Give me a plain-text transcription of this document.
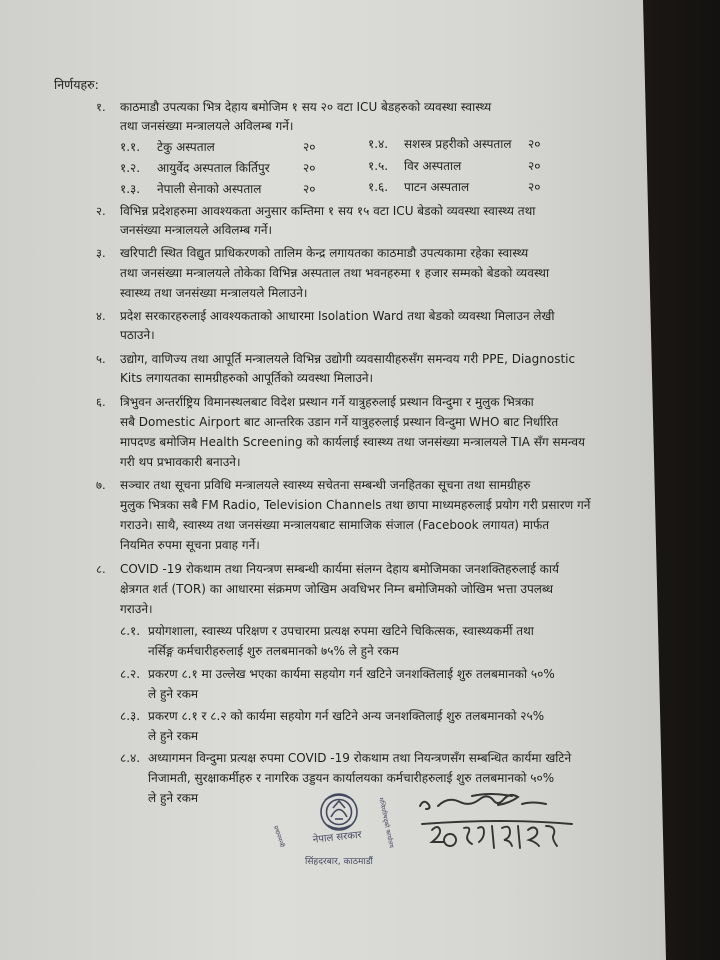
निर्णयहरु:
१. काठमाडौ उपत्यका भित्र देहाय बमोजिम १ सय २० वटा ICU बेडहरुको व्यवस्था स्वास्थ्य
तथा जनसंख्या मन्त्रालयले अविलम्ब गर्ने।
१.१. टेकु अस्पताल	२०
१.२. आयुर्वेद अस्पताल किर्तिपुर	२०
१.३. नेपाली सेनाको अस्पताल	२०
१.४. सशस्त्र प्रहरीको अस्पताल २०
१.५. विर अस्पताल	२०
१.६. पाटन अस्पताल	२०
२. विभिन्न प्रदेशहरुमा आवश्यकता अनुसार कम्तिमा १ सय १५ वटा ICU बेडको व्यवस्था स्वास्थ्य तथा
जनसंख्या मन्त्रालयले अविलम्ब गर्ने।
३. खरिपाटी स्थित विद्युत प्राधिकरणको तालिम केन्द्र लगायतका काठमाडौ उपत्यकामा रहेका स्वास्थ्य
तथा जनसंख्या मन्त्रालयले तोकेका विभिन्न अस्पताल तथा भवनहरुमा १ हजार सम्मको बेडको व्यवस्था
स्वास्थ्य तथा जनसंख्या मन्त्रालयले मिलाउने।
४. प्रदेश सरकारहरुलाई आवश्यकताको आधारमा Isolation Ward तथा बेडको व्यवस्था मिलाउन लेखी
पठाउने।
५. उद्योग, वाणिज्य तथा आपूर्ति मन्त्रालयले विभिन्न उद्योगी व्यवसायीहरुसँग समन्वय गरी PPE, Diagnostic
Kits लगायतका सामग्रीहरुको आपूर्तिको व्यवस्था मिलाउने।
६. त्रिभुवन अन्तर्राष्ट्रिय विमानस्थलबाट विदेश प्रस्थान गर्ने यात्रुहरुलाई प्रस्थान विन्दुमा र मुलुक भित्रका
सबै Domestic Airport बाट आन्तरिक उडान गर्ने यात्रुहरुलाई प्रस्थान विन्दुमा WHO बाट निर्धारित
मापदण्ड बमोजिम Health Screening को कार्यलाई स्वास्थ्य तथा जनसंख्या मन्त्रालयले TIA सँग समन्वय
गरी थप प्रभावकारी बनाउने।
७. सञ्चार तथा सूचना प्रविधि मन्त्रालयले स्वास्थ्य सचेतना सम्बन्धी जनहितका सूचना तथा सामग्रीहरु
मुलुक भित्रका सबै FM Radio, Television Channels तथा छापा माध्यमहरुलाई प्रयोग गरी प्रसारण गर्ने
गराउने। साथै, स्वास्थ्य तथा जनसंख्या मन्त्रालयबाट सामाजिक संजाल (Facebook लगायत) मार्फत
नियमित रुपमा सूचना प्रवाह गर्ने।
८. COVID -19 रोकथाम तथा नियन्त्रण सम्बन्धी कार्यमा संलग्न देहाय बमोजिमका जनशक्तिहरुलाई कार्य
क्षेत्रगत शर्त (TOR) का आधारमा संक्रमण जोखिम अवधिभर निम्न बमोजिमको जोखिम भत्ता उपलब्ध
गराउने।
८.१. प्रयोगशाला, स्वास्थ्य परिक्षण र उपचारमा प्रत्यक्ष रुपमा खटिने चिकित्सक, स्वास्थ्यकर्मी तथा
नर्सिङ्ग कर्मचारीहरुलाई शुरु तलबमानको ७५% ले हुने रकम
८.२. प्रकरण ८.१ मा उल्लेख भएका कार्यमा सहयोग गर्न खटिने जनशक्तिलाई शुरु तलबमानको ५०%
ले हुने रकम
८.३. प्रकरण ८.१ र ८.२ को कार्यमा सहयोग गर्न खटिने अन्य जनशक्तिलाई शुरु तलबमानको २५%
ले हुने रकम
८.४. अध्यागमन विन्दुमा प्रत्यक्ष रुपमा COVID -19 रोकथाम तथा नियन्त्रणसँग सम्बन्धित कार्यमा खटिने
निजामती, सुरक्षाकर्मीहरु र नागरिक उड्डयन कार्यालयका कर्मचारीहरुलाई शुरु तलबमानको ५०%
ले हुने रकम
नेपाल सरकार
प्रधानमन्त्री	मन्त्रिपरिषद्को कार्यालय
सिंहदरबार, काठमाडौं
